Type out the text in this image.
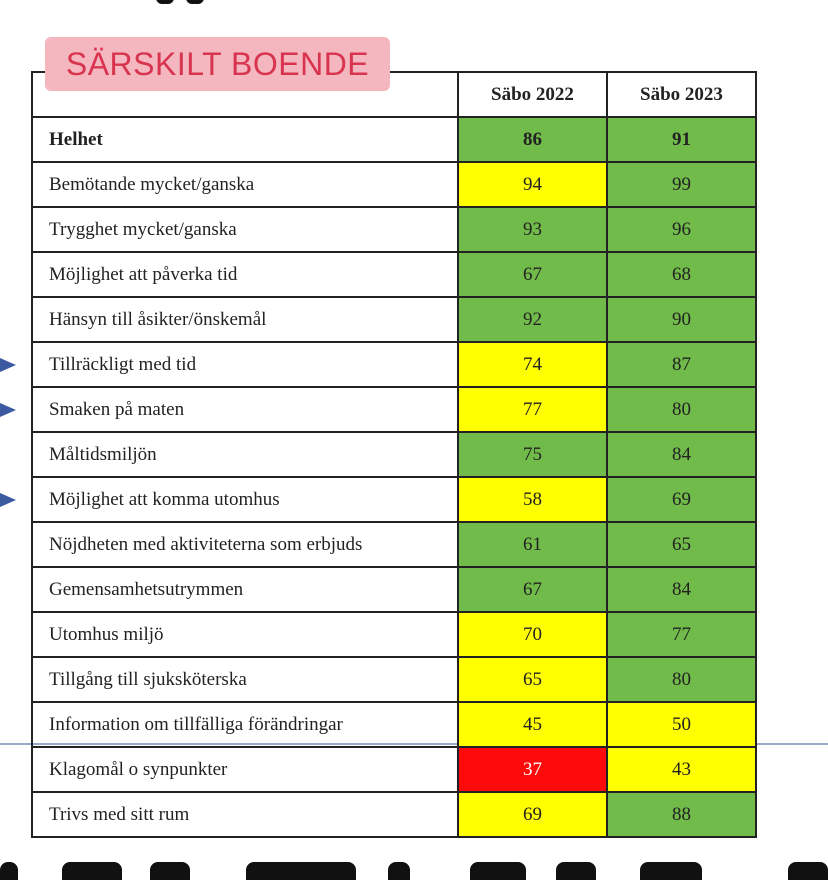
	Säbo 2022	Säbo 2023
Helhet	86	91
Bemötande mycket/ganska	94	99
Trygghet mycket/ganska	93	96
Möjlighet att påverka tid	67	68
Hänsyn till åsikter/önskemål	92	90
Tillräckligt med tid	74	87
Smaken på maten	77	80
Måltidsmiljön	75	84
Möjlighet att komma utomhus	58	69
Nöjdheten med aktiviteterna som erbjuds	61	65
Gemensamhetsutrymmen	67	84
Utomhus miljö	70	77
Tillgång till sjuksköterska	65	80
Information om tillfälliga förändringar	45	50
Klagomål o synpunkter	37	43
Trivs med sitt rum	69	88
SÄRSKILT BOENDE
